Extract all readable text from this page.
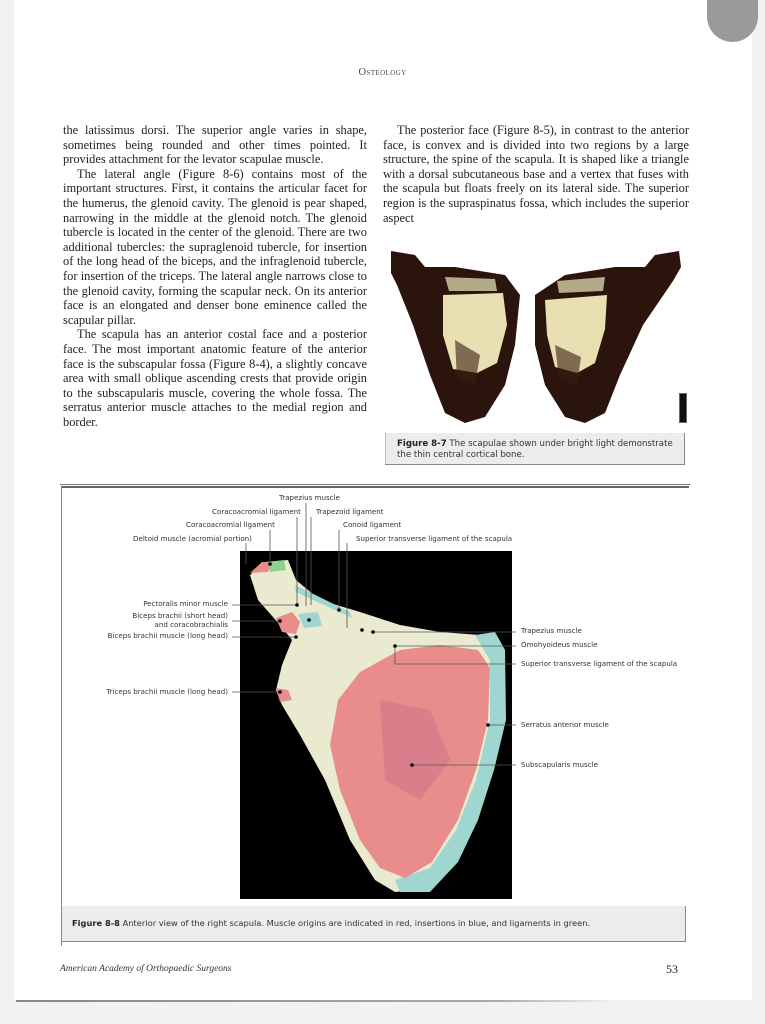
Osteology

the latissimus dorsi. The superior angle varies in shape, sometimes being rounded and other times pointed. It provides attachment for the levator scapulae muscle.

The lateral angle (Figure 8-6) contains most of the important structures. First, it contains the articular facet for the humerus, the glenoid cavity. The glenoid is pear shaped, narrowing in the middle at the glenoid notch. The glenoid tubercle is located in the center of the glenoid. There are two additional tubercles: the supraglenoid tubercle, for insertion of the long head of the biceps, and the infraglenoid tubercle, for insertion of the triceps. The lateral angle narrows close to the glenoid cavity, forming the scapular neck. On its anterior face is an elongated and denser bone eminence called the scapular pillar.

The scapula has an anterior costal face and a posterior face. The most important anatomic feature of the anterior face is the subscapular fossa (Figure 8-4), a slightly concave area with small oblique ascending crests that provide origin to the subscapularis muscle, covering the whole fossa. The serratus anterior muscle attaches to the medial region and border.

The posterior face (Figure 8-5), in contrast to the anterior face, is convex and is divided into two regions by a large structure, the spine of the scapula. It is shaped like a triangle with a dorsal subcutaneous base and a vertex that fuses with the scapula but floats freely on its lateral side. The superior region is the supraspinatus fossa, which includes the superior aspect

Figure 8-7 The scapulae shown under bright light demonstrate the thin central cortical bone.
Trapezius muscle
Coracoacromial ligament Trapezoid ligament
Coracoacromial ligament	Conoid ligament
Deltoid muscle (acromial portion)	Superior transverse ligament of the scapula
Pectoralis minor muscle
Biceps brachii (short head)
and coracobrachialis
Biceps brachii muscle (long head)
Triceps brachii muscle (long head)
Trapezius muscle
Omohyoideus muscle
Superior transverse ligament of the scapula
Serratus anterior muscle
Subscapularis muscle
Figure 8-8 Anterior view of the right scapula. Muscle origins are indicated in red, insertions in blue, and ligaments in green.
American Academy of Orthopaedic Surgeons	53
